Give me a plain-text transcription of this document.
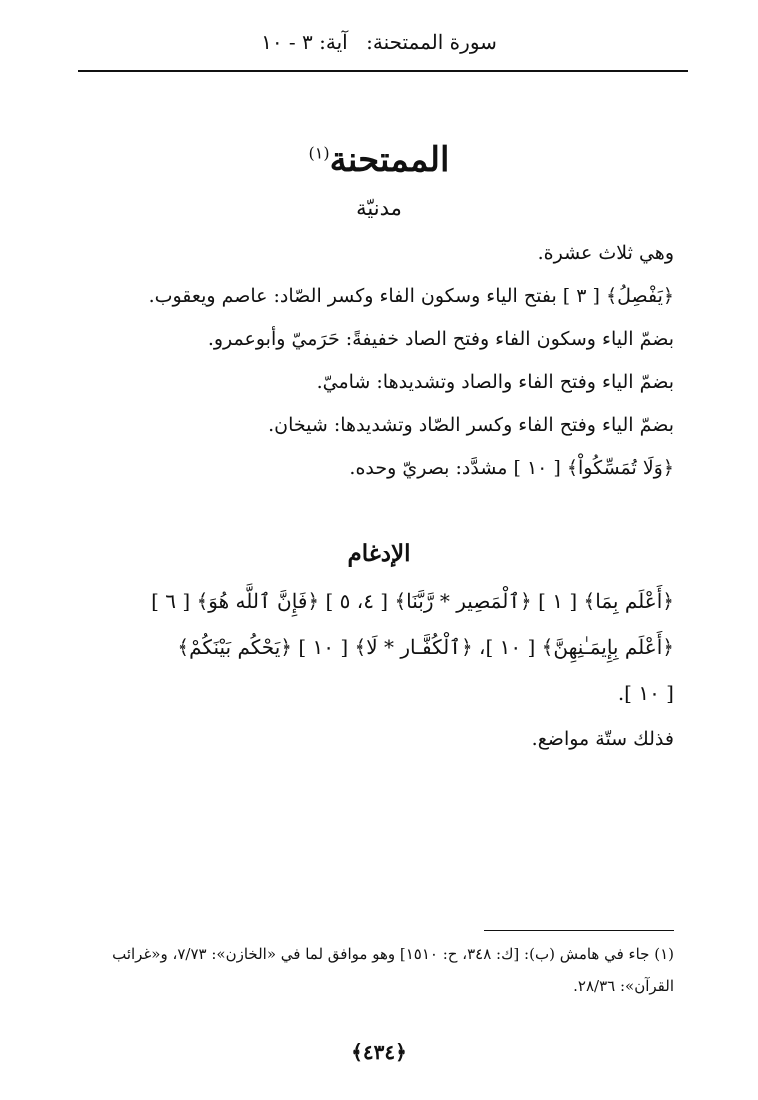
سورة الممتحنة: آية: ٣ - ١٠
الممتحنة$^{(١)}$
مدنيّة
وهي ثلاث عشرة.
﴿يَفْصِلُ﴾ [ ٣ ] بفتح الياء وسكون الفاء وكسر الصّاد: عاصم ويعقوب.
بضمّ الياء وسكون الفاء وفتح الصاد خفيفةً: حَرَميّ وأبوعمرو.
بضمّ الياء وفتح الفاء والصاد وتشديدها: شاميّ.
بضمّ الياء وفتح الفاء وكسر الصّاد وتشديدها: شيخان.
﴿وَلَا تُمَسِّكُواْ﴾ [ ١٠ ] مشدَّد: بصريّ وحده.
الإدغام
﴿أَعْلَم بِمَا﴾ [ ١ ] ﴿ٱلْمَصِير * رَّبَّنَا﴾ [ ٤، ٥ ] ﴿فَإِنَّ ٱللَّه هُوَ﴾ [ ٦ ]
﴿أَعْلَم بِإِيمَـٰنِهِنَّ﴾ [ ١٠ ]، ﴿ٱلْكُفَّـار * لَا﴾ [ ١٠ ] ﴿يَحْكُم بَيْنَكُمْ﴾
[ ١٠ ].
فذلك ستّة مواضع.
(١) جاء في هامش (ب): [ك: ٣٤٨، ح: ١٥١٠] وهو موافق لما في «الخازن»: ٧/٧٣، و«غرائب
القرآن»: ٢٨/٣٦.
﴿٤٣٤﴾
